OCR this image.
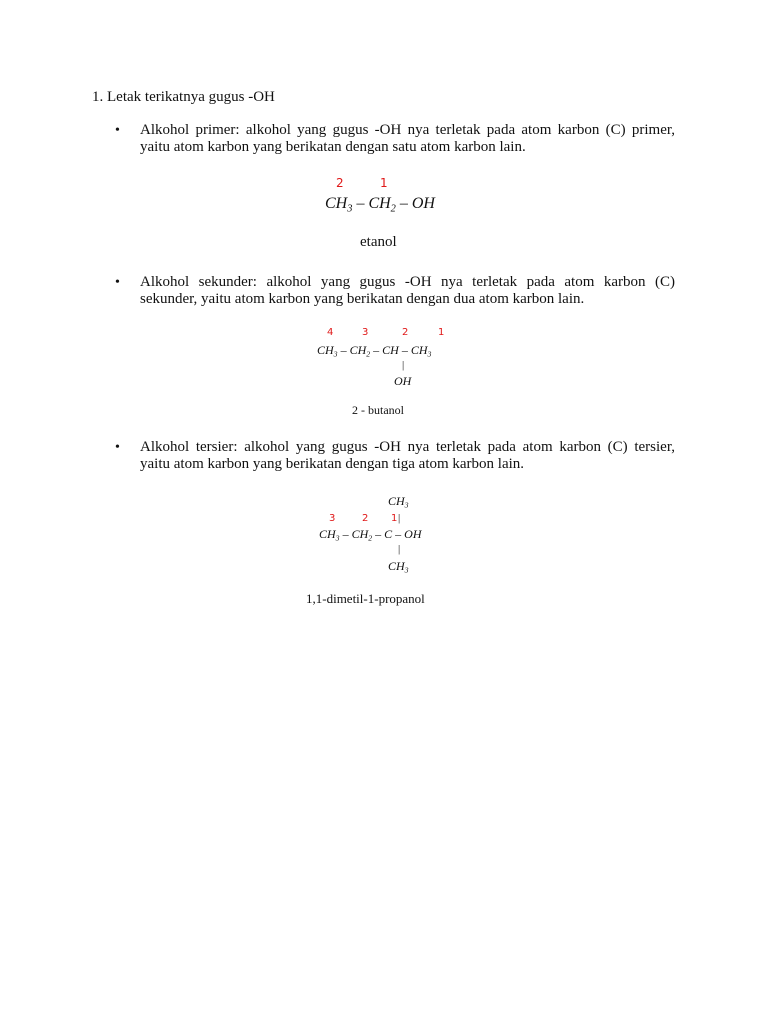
1. Letak terikatnya gugus -OH
• Alkohol primer: alkohol yang gugus -OH nya terletak pada atom karbon (C) primer,
yaitu atom karbon yang berikatan dengan satu atom karbon lain.
2	1
$CH_3 - CH_2$ – OH
etanol
• Alkohol sekunder: alkohol yang gugus -OH nya terletak pada atom karbon (C)
sekunder, yaitu atom karbon yang berikatan dengan dua atom karbon lain.
4	3	2	1
$CH_3 - CH_2$ – CH – $CH_3$
|
OH
2 - butanol
• Alkohol tersier: alkohol yang gugus -OH nya terletak pada atom karbon (C) tersier,
yaitu atom karbon yang berikatan dengan tiga atom karbon lain.
$CH_3$
3	2 1 |
$CH_3 - CH_2$ – C – OH
|
$CH_3$
1,1-dimetil-1-propanol
